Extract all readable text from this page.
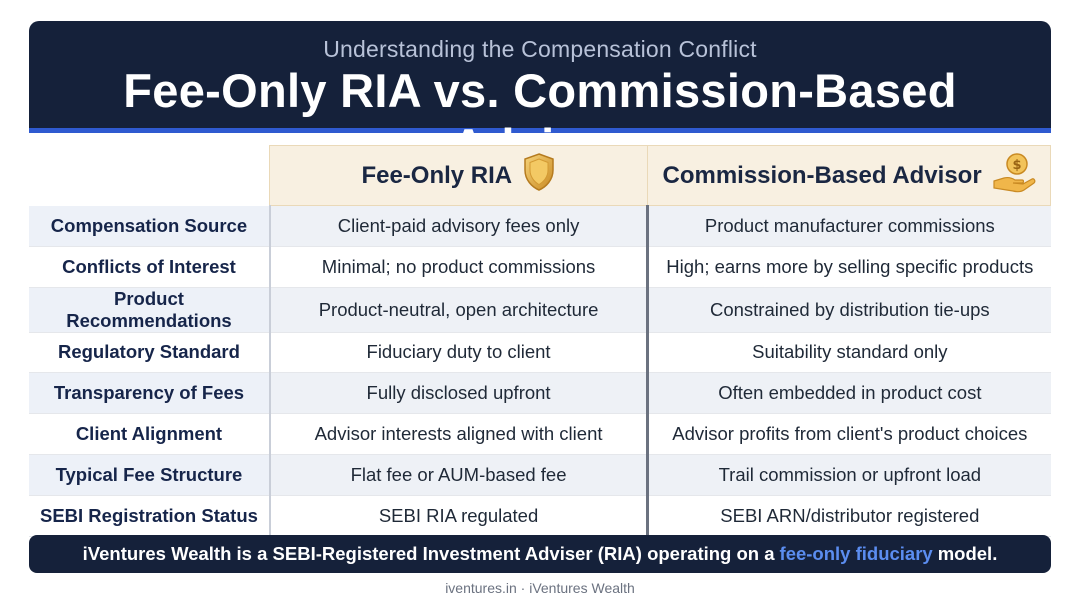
Understanding the Compensation Conflict
Fee-Only RIA vs. Commission-Based

	Fee-Only RIA	Commission-Based Advisor $

Compensation Source	Client-paid advisory fees only	Product manufacturer commissions
Conflicts of Interest	Minimal; no product commissions	High; earns more by selling specific products
Product Recommendations	Product-neutral, open architecture	Constrained by distribution tie-ups
Regulatory Standard	Fiduciary duty to client	Suitability standard only
Transparency of Fees	Fully disclosed upfront	Often embedded in product cost
Client Alignment	Advisor interests aligned with client	Advisor profits from client's product choices
Typical Fee Structure	Flat fee or AUM-based fee	Trail commission or upfront load
SEBI Registration Status	SEBI RIA regulated	SEBI ARN/distributor registered
iVentures Wealth is a SEBI-Registered Investment Adviser (RIA) operating on a fee-only fiduciary model.
iventures.in · iVentures Wealth
